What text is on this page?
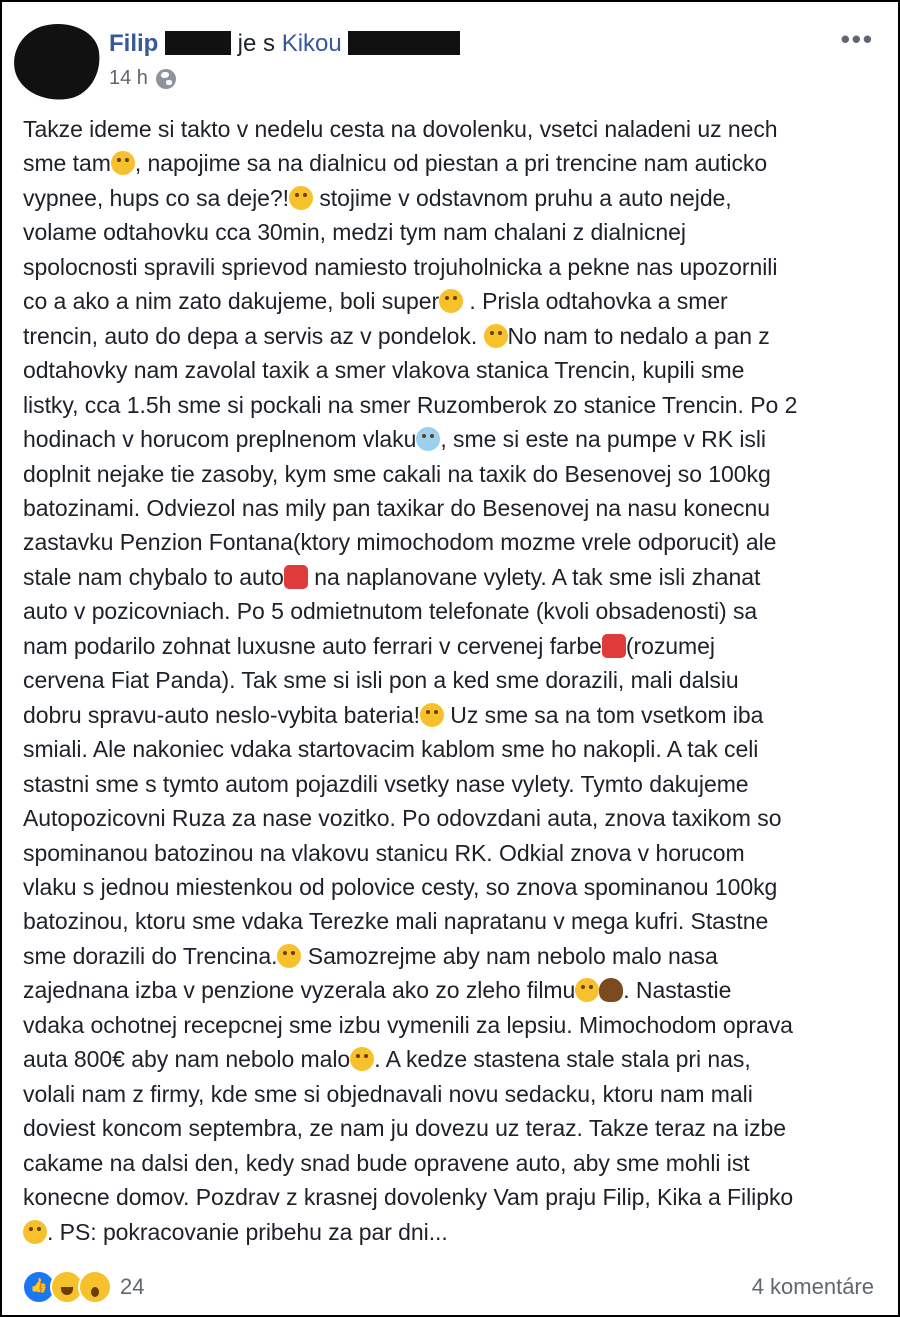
Filip	je s Kikou
14 h
•••
Takze ideme si takto v nedelu cesta na dovolenku, vsetci naladeni uz nech
sme tam , napojime sa na dialnicu od piestan a pri trencine nam auticko
vypnee, hups co sa deje?! stojime v odstavnom pruhu a auto nejde,
volame odtahovku cca 30min, medzi tym nam chalani z dialnicnej
spolocnosti spravili sprievod namiesto trojuholnicka a pekne nas upozornili
co a ako a nim zato dakujeme, boli super . Prisla odtahovka a smer
trencin, auto do depa a servis az v pondelok. No nam to nedalo a pan z
odtahovky nam zavolal taxik a smer vlakova stanica Trencin, kupili sme
listky, cca 1.5h sme si pockali na smer Ruzomberok zo stanice Trencin. Po 2
hodinach v horucom preplnenom vlaku , sme si este na pumpe v RK isli
doplnit nejake tie zasoby, kym sme cakali na taxik do Besenovej so 100kg
batozinami. Odviezol nas mily pan taxikar do Besenovej na nasu konecnu
zastavku Penzion Fontana(ktory mimochodom mozme vrele odporucit) ale
stale nam chybalo to auto na naplanovane vylety. A tak sme isli zhanat
auto v pozicovniach. Po 5 odmietnutom telefonate (kvoli obsadenosti) sa
nam podarilo zohnat luxusne auto ferrari v cervenej farbe (rozumej
cervena Fiat Panda). Tak sme si isli pon a ked sme dorazili, mali dalsiu
dobru spravu-auto neslo-vybita bateria! Uz sme sa na tom vsetkom iba
smiali. Ale nakoniec vdaka startovacim kablom sme ho nakopli. A tak celi
stastni sme s tymto autom pojazdili vsetky nase vylety. Tymto dakujeme
Autopozicovni Ruza za nase vozitko. Po odovzdani auta, znova taxikom so
spominanou batozinou na vlakovu stanicu RK. Odkial znova v horucom
vlaku s jednou miestenkou od polovice cesty, so znova spominanou 100kg
batozinou, ktoru sme vdaka Terezke mali napratanu v mega kufri. Stastne
sme dorazili do Trencina. Samozrejme aby nam nebolo malo nasa
zajednana izba v penzione vyzerala ako zo zleho filmu . Nastastie
vdaka ochotnej recepcnej sme izbu vymenili za lepsiu. Mimochodom oprava
auta 800€ aby nam nebolo malo . A kedze stastena stale stala pri nas,
volali nam z firmy, kde sme si objednavali novu sedacku, ktoru nam mali
doviest koncom septembra, ze nam ju dovezu uz teraz. Takze teraz na izbe
cakame na dalsi den, kedy snad bude opravene auto, aby sme mohli ist
konecne domov. Pozdrav z krasnej dovolenky Vam praju Filip, Kika a Filipko
. PS: pokracovanie pribehu za par dni...
👍
24	4 komentáre
